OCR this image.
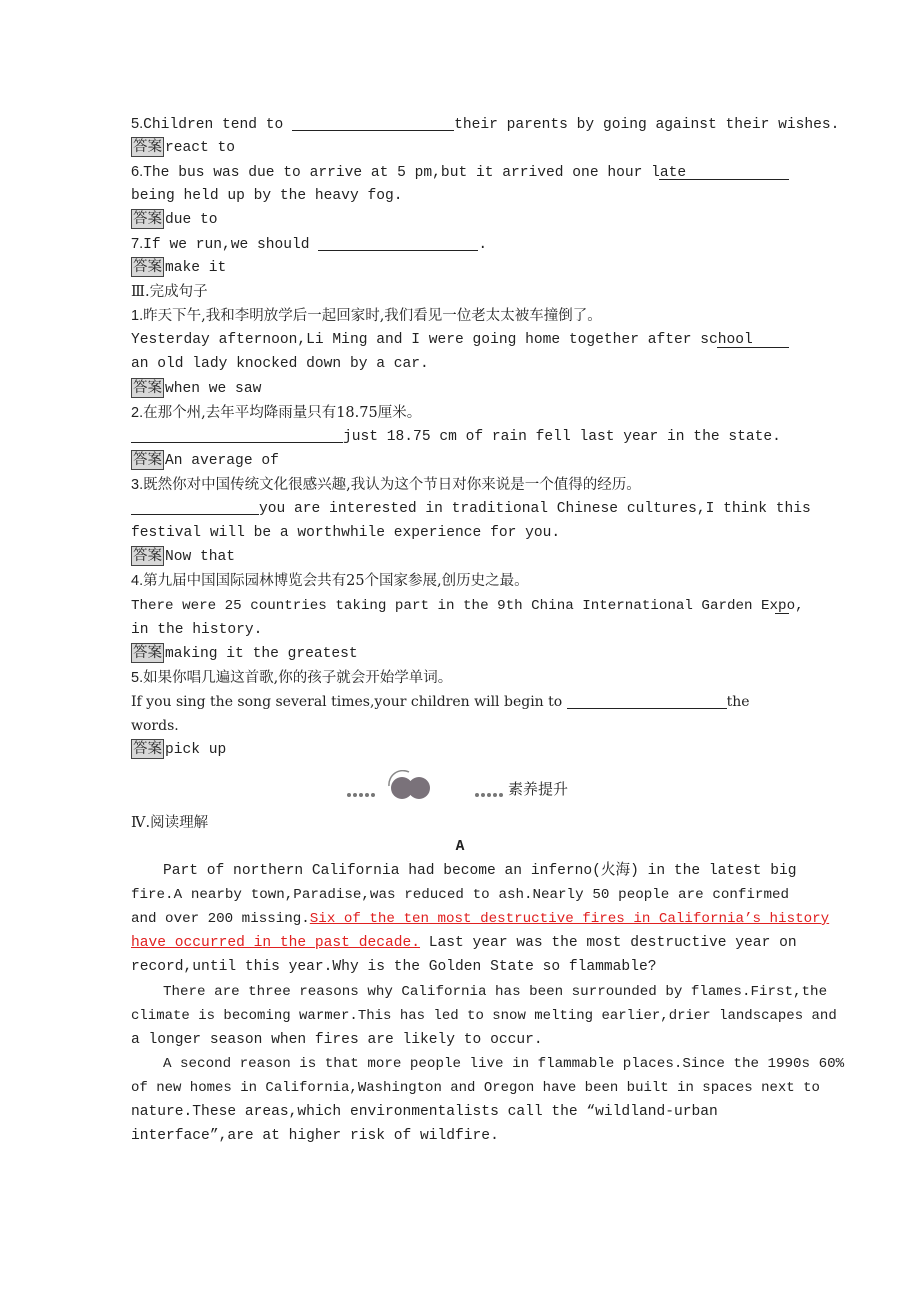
5.Children tend to	their parents by going against their wishes.
答案 react to
6.The bus was due to arrive at 5 pm,but it arrived one hour late
being held up by the heavy fog.
答案 due to
7.If we run,we should	.
答案 make it
Ⅲ.完成句子
1.昨天下午,我和李明放学后一起回家时,我们看见一位老太太被车撞倒了。
Yesterday afternoon,Li Ming and I were going home together after school
an old lady knocked down by a car.
答案 when we saw
2.在那个州,去年平均降雨量只有18.75厘米。
just 18.75 cm of rain fell last year in the state.
答案 An average of
3.既然你对中国传统文化很感兴趣,我认为这个节日对你来说是一个值得的经历。
you are interested in traditional Chinese cultures,I think this
festival will be a worthwhile experience for you.
答案 Now that
4.第九届中国国际园林博览会共有25个国家参展,创历史之最。
There were 25 countries taking part in the 9th China International Garden Expo,
in the history.
答案 making it the greatest
5.如果你唱几遍这首歌,你的孩子就会开始学单词。
If you sing the song several times,your children will begin to	the
words.
答案 pick up
素养提升
Ⅳ.阅读理解
A
Part of northern California had become an inferno(火海) in the latest big
fire.A nearby town,Paradise,was reduced to ash.Nearly 50 people are confirmed
and over 200 missing.Six of the ten most destructive fires in California’s history
have occurred in the past decade. Last year was the most destructive year on
record,until this year.Why is the Golden State so flammable?
There are three reasons why California has been surrounded by flames.First,the
climate is becoming warmer.This has led to snow melting earlier,drier landscapes and
a longer season when fires are likely to occur.
A second reason is that more people live in flammable places.Since the 1990s 60%
of new homes in California,Washington and Oregon have been built in spaces next to
nature.These areas,which environmentalists call the “wildland-urban
interface”,are at higher risk of wildfire.
